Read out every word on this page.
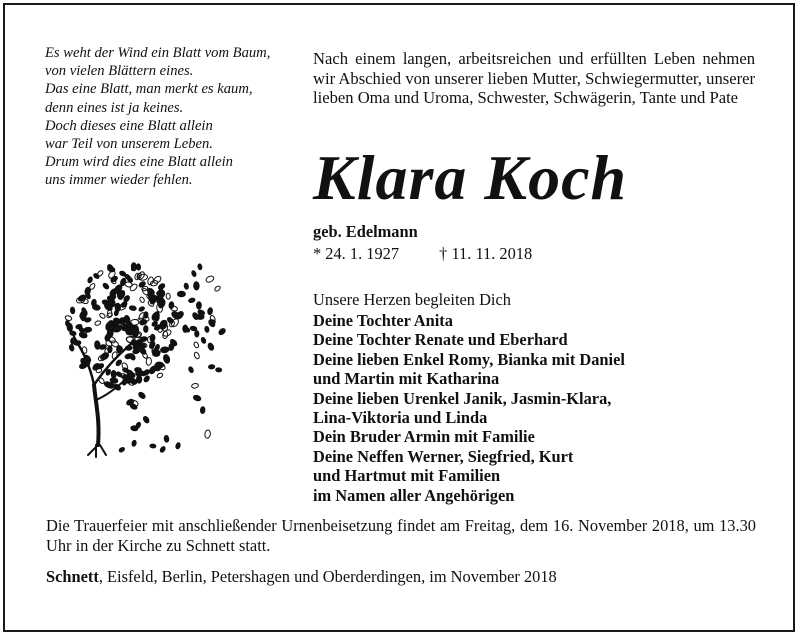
Es weht der Wind ein Blatt vom Baum,
von vielen Blättern eines.
Das eine Blatt, man merkt es kaum,
denn eines ist ja keines.
Doch dieses eine Blatt allein
war Teil von unserem Leben.
Drum wird dies eine Blatt allein
uns immer wieder fehlen.
Nach einem langen, arbeitsreichen und erfüllten Leben nehmen wir Abschied von unserer lieben Mutter, Schwiegermutter, unserer lieben Oma und Uroma, Schwester, Schwägerin, Tante und Pate
Klara Koch
geb. Edelmann
* 24. 1. 1927 † 11. 11. 2018
Unsere Herzen begleiten Dich
Deine Tochter Anita
Deine Tochter Renate und Eberhard
Deine lieben Enkel Romy, Bianka mit Daniel
und Martin mit Katharina
Deine lieben Urenkel Janik, Jasmin-Klara,
Lina-Viktoria und Linda
Dein Bruder Armin mit Familie
Deine Neffen Werner, Siegfried, Kurt
und Hartmut mit Familien
im Namen aller Angehörigen
Die Trauerfeier mit anschließender Urnenbeisetzung findet am Freitag, dem 16. November 2018, um 13.30 Uhr in der Kirche zu Schnett statt.
Schnett, Eisfeld, Berlin, Petershagen und Oberderdingen, im November 2018
